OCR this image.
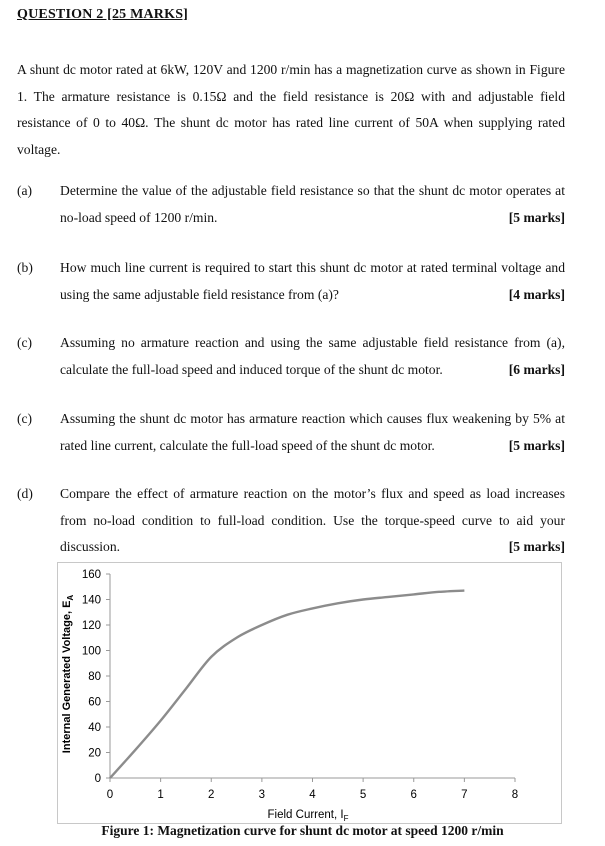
QUESTION 2 [25 MARKS]
A shunt dc motor rated at 6kW, 120V and 1200 r/min has a magnetization curve as shown in Figure 1. The armature resistance is 0.15Ω and the field resistance is 20Ω with and adjustable field resistance of 0 to 40Ω. The shunt dc motor has rated line current of 50A when supplying rated voltage.
(a) Determine the value of the adjustable field resistance so that the shunt dc motor operates at no-load speed of 1200 r/min.	[5 marks]
(b) How much line current is required to start this shunt dc motor at rated terminal voltage and using the same adjustable field resistance from (a)?	[4 marks]
(c) Assuming no armature reaction and using the same adjustable field resistance from (a), calculate the full-load speed and induced torque of the shunt dc motor.	[6 marks]
(c) Assuming the shunt dc motor has armature reaction which causes flux weakening by 5% at rated line current, calculate the full-load speed of the shunt dc motor.	[5 marks]
(d) Compare the effect of armature reaction on the motor’s flux and speed as load increases from no-load condition to full-load condition. Use the torque-speed curve to aid your discussion.	[5 marks]
0
20
40
60
80
100
120
140
160
0	1	2	3	4	5	6	7	8
Field Current, $I_F$
Internal Generated Voltage, $E_A$
Figure 1: Magnetization curve for shunt dc motor at speed 1200 r/min
